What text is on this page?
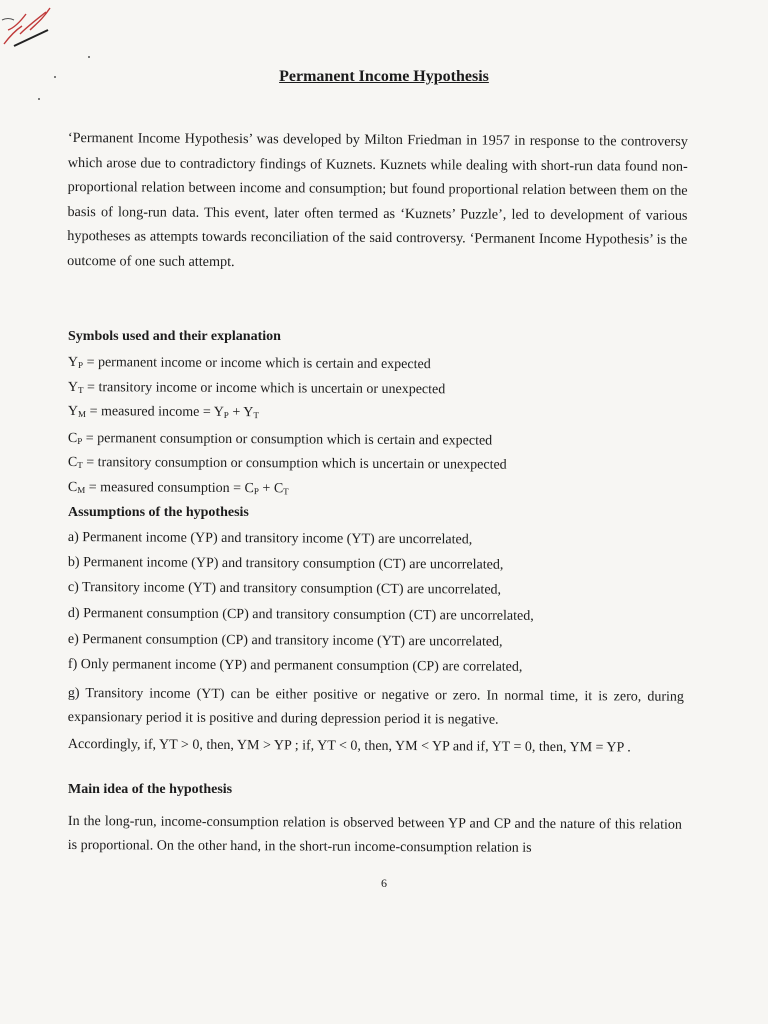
Permanent Income Hypothesis

‘Permanent Income Hypothesis’ was developed by Milton Friedman in 1957 in response to the controversy which arose due to contradictory findings of Kuznets. Kuznets while dealing with short-run data found non-proportional relation between income and consumption; but found proportional relation between them on the basis of long-run data. This event, later often termed as ‘Kuznets’ Puzzle’, led to development of various hypotheses as attempts towards reconciliation of the said controversy. ‘Permanent Income Hypothesis’ is the outcome of one such attempt.

Symbols used and their explanation
$Y_P$ = permanent income or income which is certain and expected
$Y_T$ = transitory income or income which is uncertain or unexpected
$Y_M$ = measured income = $Y_P + Y_T$
$C_P$ = permanent consumption or consumption which is certain and expected
$C_T$ = transitory consumption or consumption which is uncertain or unexpected
$C_M$ = measured consumption = $C_P + C_T$
Assumptions of the hypothesis
a) Permanent income (YP) and transitory income (YT) are uncorrelated,
b) Permanent income (YP) and transitory consumption (CT) are uncorrelated,
c) Transitory income (YT) and transitory consumption (CT) are uncorrelated,
d) Permanent consumption (CP) and transitory consumption (CT) are uncorrelated,
e) Permanent consumption (CP) and transitory income (YT) are uncorrelated,
f) Only permanent income (YP) and permanent consumption (CP) are correlated,
g) Transitory income (YT) can be either positive or negative or zero. In normal time, it is zero, during expansionary period it is positive and during depression period it is negative.
Accordingly, if, YT > 0, then, YM > YP ; if, YT < 0, then, YM < YP and if, YT = 0, then, YM = YP .
Main idea of the hypothesis
In the long-run, income-consumption relation is observed between YP and CP and the nature of this relation is proportional. On the other hand, in the short-run income-consumption relation is
6
